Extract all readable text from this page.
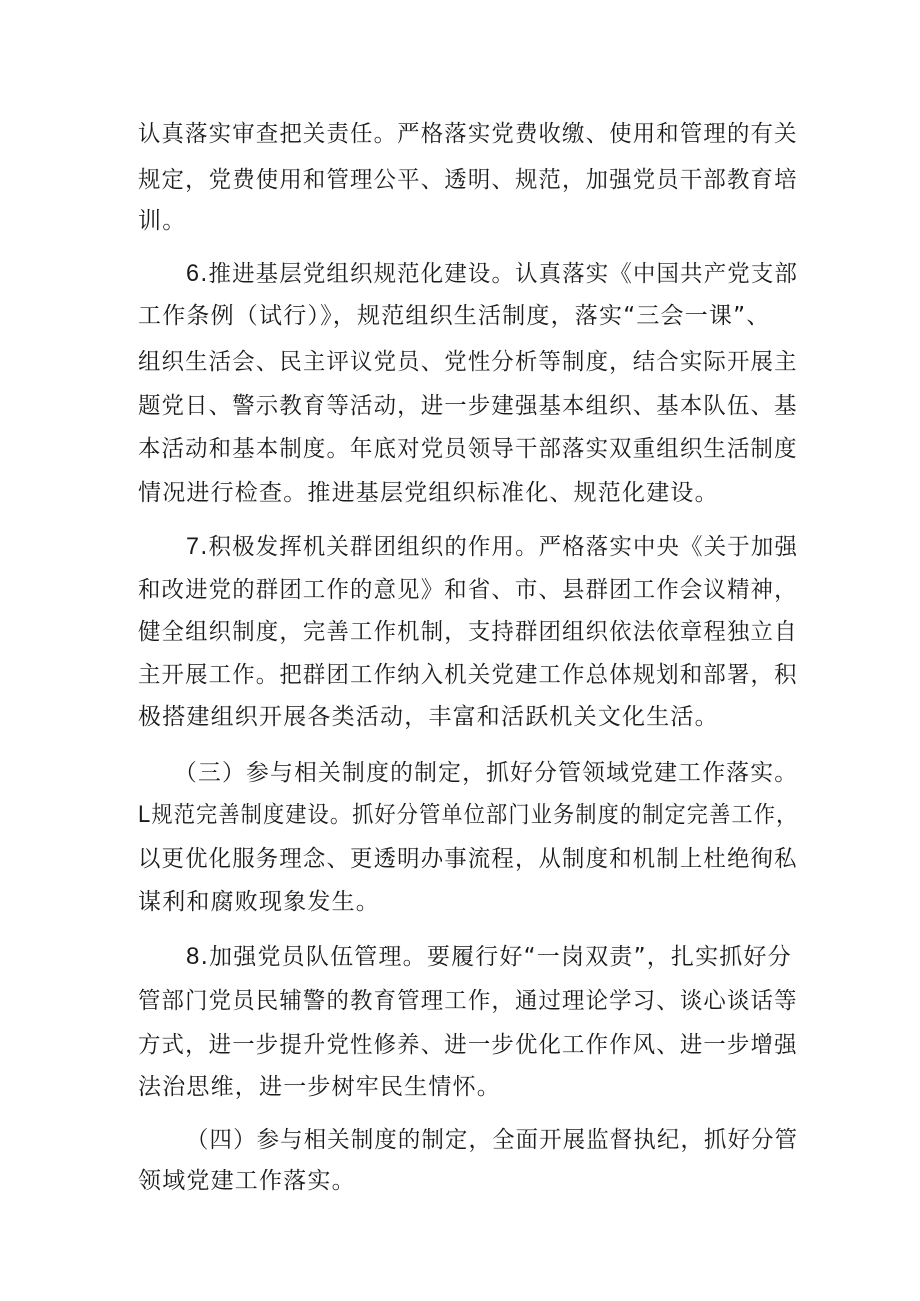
认真落实审查把关责任。严格落实党费收缴、使用和管理的有关
规定，党费使用和管理公平、透明、规范，加强党员干部教育培
训。
6.推进基层党组织规范化建设。认真落实《中国共产党支部
工作条例（试行）》，规范组织生活制度，落实“三会一课”、
组织生活会、民主评议党员、党性分析等制度，结合实际开展主
题党日、警示教育等活动，进一步建强基本组织、基本队伍、基
本活动和基本制度。年底对党员领导干部落实双重组织生活制度
情况进行检查。推进基层党组织标准化、规范化建设。
7.积极发挥机关群团组织的作用。严格落实中央《关于加强
和改进党的群团工作的意见》和省、市、县群团工作会议精神，
健全组织制度，完善工作机制，支持群团组织依法依章程独立自
主开展工作。把群团工作纳入机关党建工作总体规划和部署，积
极搭建组织开展各类活动，丰富和活跃机关文化生活。
（三）参与相关制度的制定，抓好分管领域党建工作落实。
L规范完善制度建设。抓好分管单位部门业务制度的制定完善工作，
以更优化服务理念、更透明办事流程，从制度和机制上杜绝徇私
谋利和腐败现象发生。
8.加强党员队伍管理。要履行好“一岗双责”，扎实抓好分
管部门党员民辅警的教育管理工作，通过理论学习、谈心谈话等
方式，进一步提升党性修养、进一步优化工作作风、进一步增强
法治思维，进一步树牢民生情怀。
（四）参与相关制度的制定，全面开展监督执纪，抓好分管
领域党建工作落实。
